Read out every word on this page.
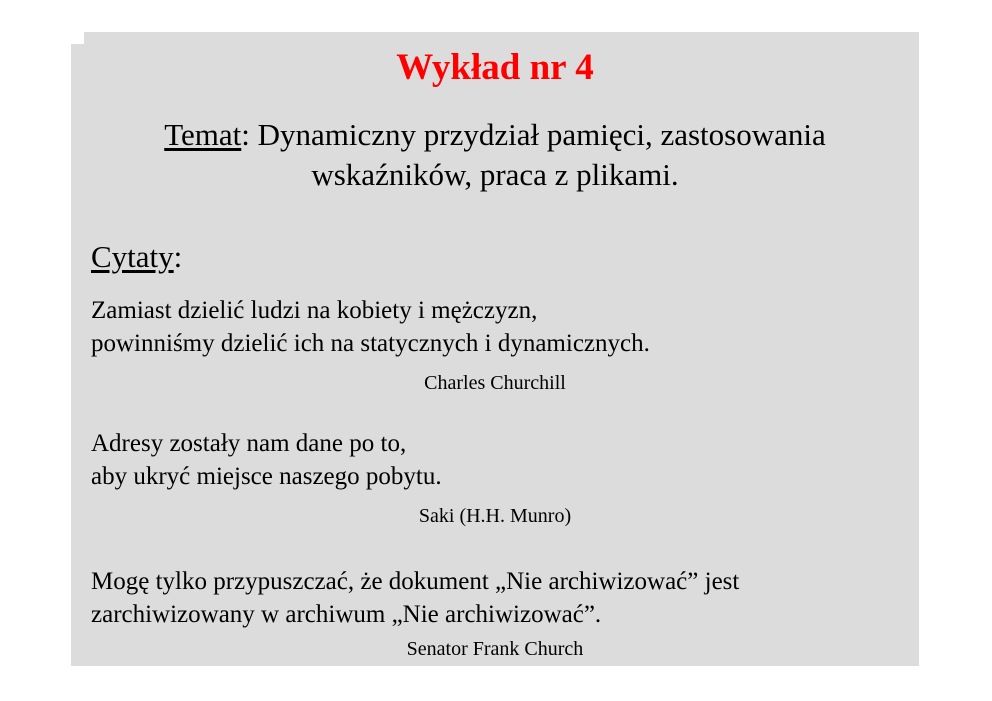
Wykład nr 4
Temat: Dynamiczny przydział pamięci, zastosowania
wskaźników, praca z plikami.
Cytaty:
Zamiast dzielić ludzi na kobiety i mężczyzn,
powinniśmy dzielić ich na statycznych i dynamicznych.
Charles Churchill
Adresy zostały nam dane po to,
aby ukryć miejsce naszego pobytu.
Saki (H.H. Munro)
Mogę tylko przypuszczać, że dokument „Nie archiwizować” jest
zarchiwizowany w archiwum „Nie archiwizować”.
Senator Frank Church
